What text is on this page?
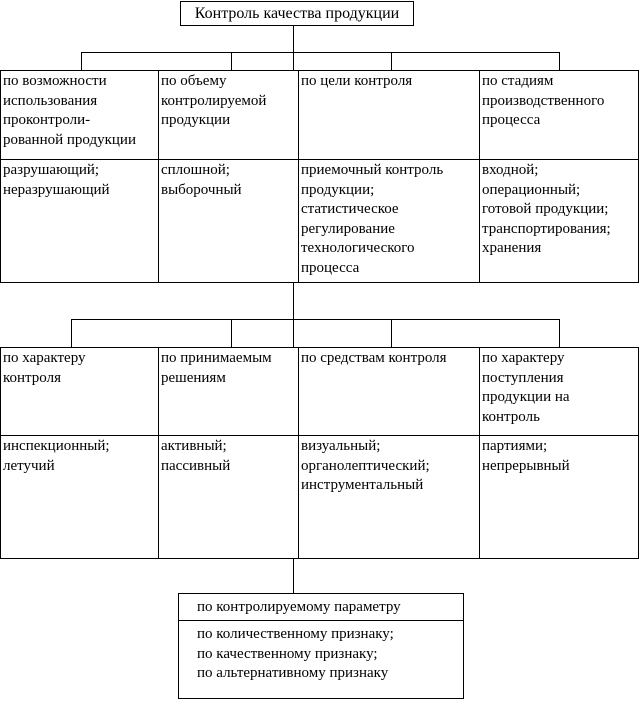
Контроль качества продукции
по возможности
использования
проконтроли-
рованной продукции
по объему
контролируемой
продукции
по цели контроля	по стадиям
производственного
процесса
разрушающий;
неразрушающий
сплошной;
выборочный
приемочный контроль
продукции;
статистическое
регулирование
технологического
процесса
входной;
операционный;
готовой продукции;
транспортирования;
хранения
по характеру
контроля
по принимаемым
решениям
по средствам контроля	по характеру
поступления
продукции на
контроль
инспекционный;
летучий
активный;
пассивный
визуальный;
органолептический;
инструментальный
партиями;
непрерывный
по контролируемому параметру
по количественному признаку;
по качественному признаку;
по альтернативному признаку
